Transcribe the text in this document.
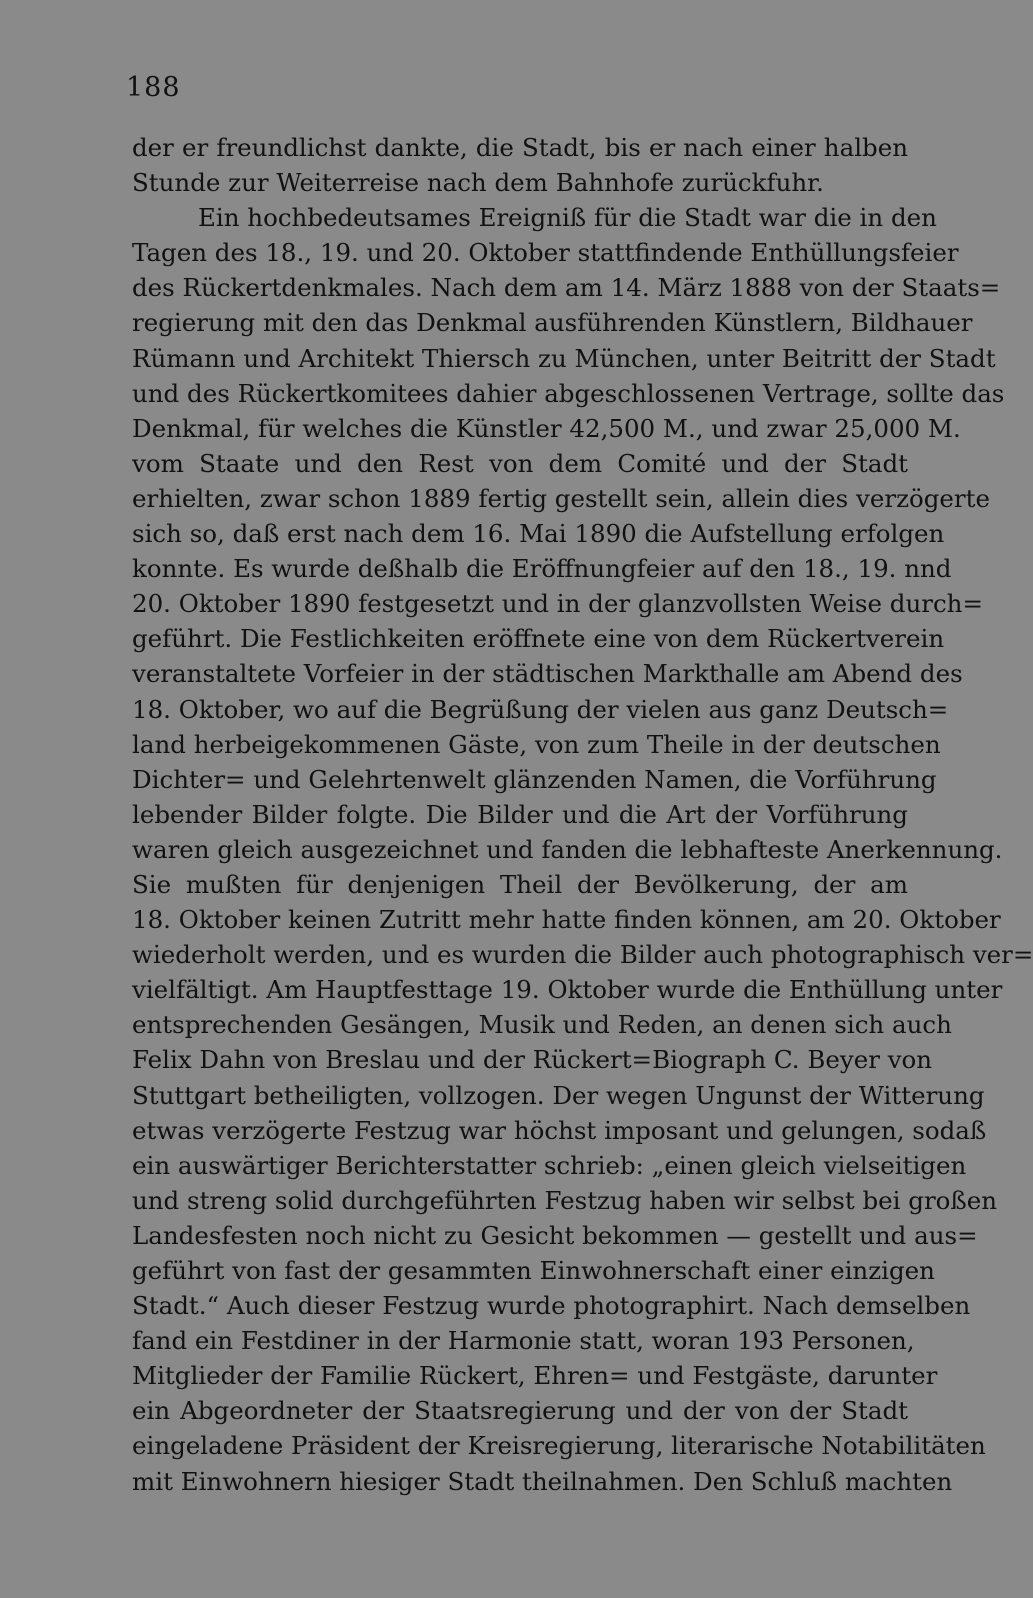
188
der er freundlichst dankte, die Stadt, bis er nach einer halben
Stunde zur Weiterreise nach dem Bahnhofe zurückfuhr.
Ein hochbedeutsames Ereigniß für die Stadt war die in den
Tagen des 18., 19. und 20. Oktober stattfindende Enthüllungsfeier
des Rückertdenkmales. Nach dem am 14. März 1888 von der Staats=
regierung mit den das Denkmal ausführenden Künstlern, Bildhauer
Rümann und Architekt Thiersch zu München, unter Beitritt der Stadt
und des Rückertkomitees dahier abgeschlossenen Vertrage, sollte das
Denkmal, für welches die Künstler 42,500 M., und zwar 25,000 M.
vom Staate und den Rest von dem Comité und der Stadt
erhielten, zwar schon 1889 fertig gestellt sein, allein dies verzögerte
sich so, daß erst nach dem 16. Mai 1890 die Aufstellung erfolgen
konnte. Es wurde deßhalb die Eröffnungfeier auf den 18., 19. nnd
20. Oktober 1890 festgesetzt und in der glanzvollsten Weise durch=
geführt. Die Festlichkeiten eröffnete eine von dem Rückertverein
veranstaltete Vorfeier in der städtischen Markthalle am Abend des
18. Oktober, wo auf die Begrüßung der vielen aus ganz Deutsch=
land herbeigekommenen Gäste, von zum Theile in der deutschen
Dichter= und Gelehrtenwelt glänzenden Namen, die Vorführung
lebender Bilder folgte. Die Bilder und die Art der Vorführung
waren gleich ausgezeichnet und fanden die lebhafteste Anerkennung.
Sie mußten für denjenigen Theil der Bevölkerung, der am
18. Oktober keinen Zutritt mehr hatte finden können, am 20. Oktober
wiederholt werden, und es wurden die Bilder auch photographisch ver=
vielfältigt. Am Hauptfesttage 19. Oktober wurde die Enthüllung unter
entsprechenden Gesängen, Musik und Reden, an denen sich auch
Felix Dahn von Breslau und der Rückert=Biograph C. Beyer von
Stuttgart betheiligten, vollzogen. Der wegen Ungunst der Witterung
etwas verzögerte Festzug war höchst imposant und gelungen, sodaß
ein auswärtiger Berichterstatter schrieb: „einen gleich vielseitigen
und streng solid durchgeführten Festzug haben wir selbst bei großen
Landesfesten noch nicht zu Gesicht bekommen — gestellt und aus=
geführt von fast der gesammten Einwohnerschaft einer einzigen
Stadt.“ Auch dieser Festzug wurde photographirt. Nach demselben
fand ein Festdiner in der Harmonie statt, woran 193 Personen,
Mitglieder der Familie Rückert, Ehren= und Festgäste, darunter
ein Abgeordneter der Staatsregierung und der von der Stadt
eingeladene Präsident der Kreisregierung, literarische Notabilitäten
mit Einwohnern hiesiger Stadt theilnahmen. Den Schluß machten
